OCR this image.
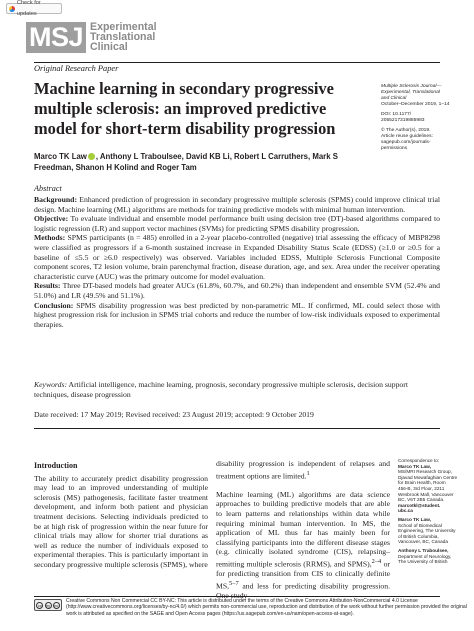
Check for updates
MSJ Experimental
Translational
Clinical
Original Research Paper
Multiple Sclerosis Journal—
Experimental, Translational
and Clinical
October–December 2019, 1–14
DOI: 10.1177/
2055217319885983
© The Author(s), 2019.
Article reuse guidelines:
sagepub.com/journals-
permissions
Machine learning in secondary progressive multiple sclerosis: an improved predictive model for short-term disability progression
Marco TK Law , Anthony L Traboulsee, David KB Li, Robert L Carruthers, Mark S Freedman, Shanon H Kolind and Roger Tam
Abstract

Background: Enhanced prediction of progression in secondary progressive multiple sclerosis (SPMS) could improve clinical trial design. Machine learning (ML) algorithms are methods for training predictive models with minimal human intervention.

Objective: To evaluate individual and ensemble model performance built using decision tree (DT)-based algorithms compared to logistic regression (LR) and support vector machines (SVMs) for predicting SPMS disability progression.

Methods: SPMS participants (n = 485) enrolled in a 2-year placebo-controlled (negative) trial assessing the efficacy of MBP8298 were classified as progressors if a 6-month sustained increase in Expanded Disability Status Scale (EDSS) (≥1.0 or ≥0.5 for a baseline of ≤5.5 or ≥6.0 respectively) was observed. Variables included EDSS, Multiple Sclerosis Functional Composite component scores, T2 lesion volume, brain parenchymal fraction, disease duration, age, and sex. Area under the receiver operating characteristic curve (AUC) was the primary outcome for model evaluation.

Results: Three DT-based models had greater AUCs (61.8%, 60.7%, and 60.2%) than independent and ensemble SVM (52.4% and 51.0%) and LR (49.5% and 51.1%).

Conclusion: SPMS disability progression was best predicted by non-parametric ML. If confirmed, ML could select those with highest progression risk for inclusion in SPMS trial cohorts and reduce the number of low-risk individuals exposed to experimental therapies.

Keywords: Artificial intelligence, machine learning, prognosis, secondary progressive multiple sclerosis, decision support techniques, disease progression
Date received: 17 May 2019; Revised received: 23 August 2019; accepted: 9 October 2019
Introduction

The ability to accurately predict disability progression may lead to an improved understanding of multiple sclerosis (MS) pathogenesis, facilitate faster treatment development, and inform both patient and physician treatment decisions. Selecting individuals predicted to be at high risk of progression within the near future for clinical trials may allow for shorter trial durations as well as reduce the number of individuals exposed to experimental therapies. This is particularly important in secondary progressive multiple sclerosis (SPMS), where

disability progression is independent of relapses and treatment options are limited.$^1$

Machine learning (ML) algorithms are data science approaches to building predictive models that are able to learn patterns and relationships within data while requiring minimal human intervention. In MS, the application of ML thus far has mainly been for classifying participants into the different disease stages (e.g. clinically isolated syndrome (CIS), relapsing–remitting multiple sclerosis (RRMS), and SPMS),$^{2-4}$ or for predicting transition from CIS to clinically definite MS,$^{5-7}$ and less for predicting disability progression. One study

Correspondence to:
Marco TK Law,
MS/MRI Research Group,
Djavad Mowafaghian Centre
for Brain Health, Room
456-B, 3rd Floor, 2211
Wesbrook Mall, Vancouver
BC, V6T 2B5 Canada.
marcotkl@student.
ubc.ca
Marco TK Law,
School of Biomedical
Engineering, The University
of British Columbia,
Vancouver, BC, Canada
Anthony L Traboulsee,
Department of Neurology,
The University of British
cc	by	nc
Creative Commons Non Commercial CC BY-NC: This article is distributed under the terms of the Creative Commons Attribution-NonCommercial 4.0 License (http://www.creativecommons.org/licenses/by-nc/4.0/) which permits non-commercial use, reproduction and distribution of the work without further permission provided the original work is attributed as specified on the SAGE and Open Access pages (https://us.sagepub.com/en-us/nam/open-access-at-sage).
